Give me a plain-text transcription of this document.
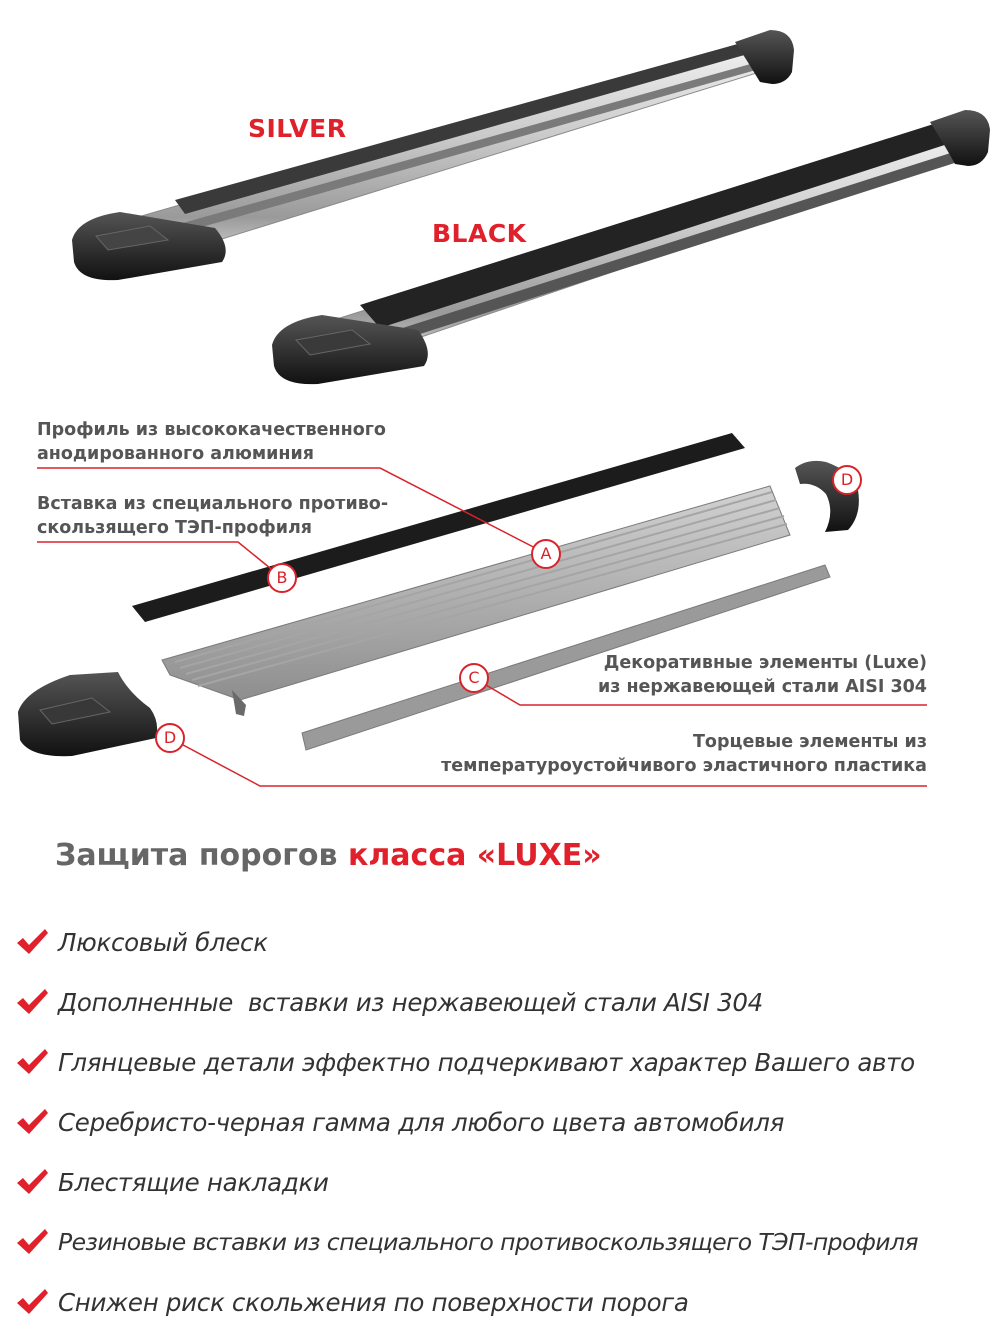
SILVER
BLACK
Профиль из высококачественного
анодированного алюминия
Вставка из специального противо-
скользящего ТЭП-профиля
Декоративные элементы (Luxe)
из нержавеющей стали AISI 304
Торцевые элементы из
температуроустойчивого эластичного пластика
A
B
C
D
D
Защита порогов класса «LUXE»
Люксовый блеск
Дополненные  вставки из нержавеющей стали AISI 304
Глянцевые детали эффектно подчеркивают характер Вашего авто
Серебристо-черная гамма для любого цвета автомобиля
Блестящие накладки
Резиновые вставки из специального противоскользящего ТЭП-профиля
Снижен риск скольжения по поверхности порога
